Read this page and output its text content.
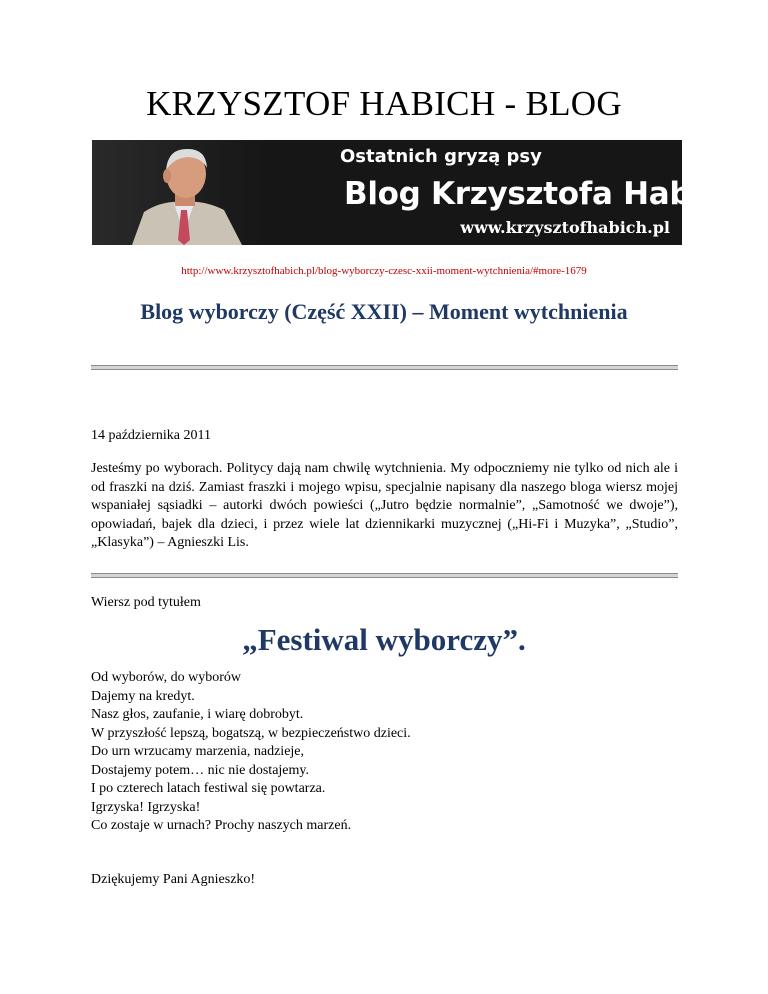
KRZYSZTOF HABICH - BLOG
Ostatnich gryzą psy
Blog Krzysztofa Habicha
www.krzysztofhabich.pl
http://www.krzysztofhabich.pl/blog-wyborczy-czesc-xxii-moment-wytchnienia/#more-1679
Blog wyborczy (Część XXII) – Moment wytchnienia
14 października 2011

Jesteśmy po wyborach. Politycy dają nam chwilę wytchnienia. My odpoczniemy nie tylko od nich ale i od fraszki na dziś. Zamiast fraszki i mojego wpisu, specjalnie napisany dla naszego bloga wiersz mojej wspaniałej sąsiadki – autorki dwóch powieści („Jutro będzie normalnie”, „Samotność we dwoje”), opowiadań, bajek dla dzieci, i przez wiele lat dziennikarki muzycznej („Hi-Fi i Muzyka”, „Studio”, „Klasyka”) – Agnieszki Lis.

Wiersz pod tytułem
„Festiwal wyborczy”.
Od wyborów, do wyborów
Dajemy na kredyt.
Nasz głos, zaufanie, i wiarę dobrobyt.
W przyszłość lepszą, bogatszą, w bezpieczeństwo dzieci.
Do urn wrzucamy marzenia, nadzieje,
Dostajemy potem… nic nie dostajemy.
I po czterech latach festiwal się powtarza.
Igrzyska! Igrzyska!
Co zostaje w urnach? Prochy naszych marzeń.
Dziękujemy Pani Agnieszko!
